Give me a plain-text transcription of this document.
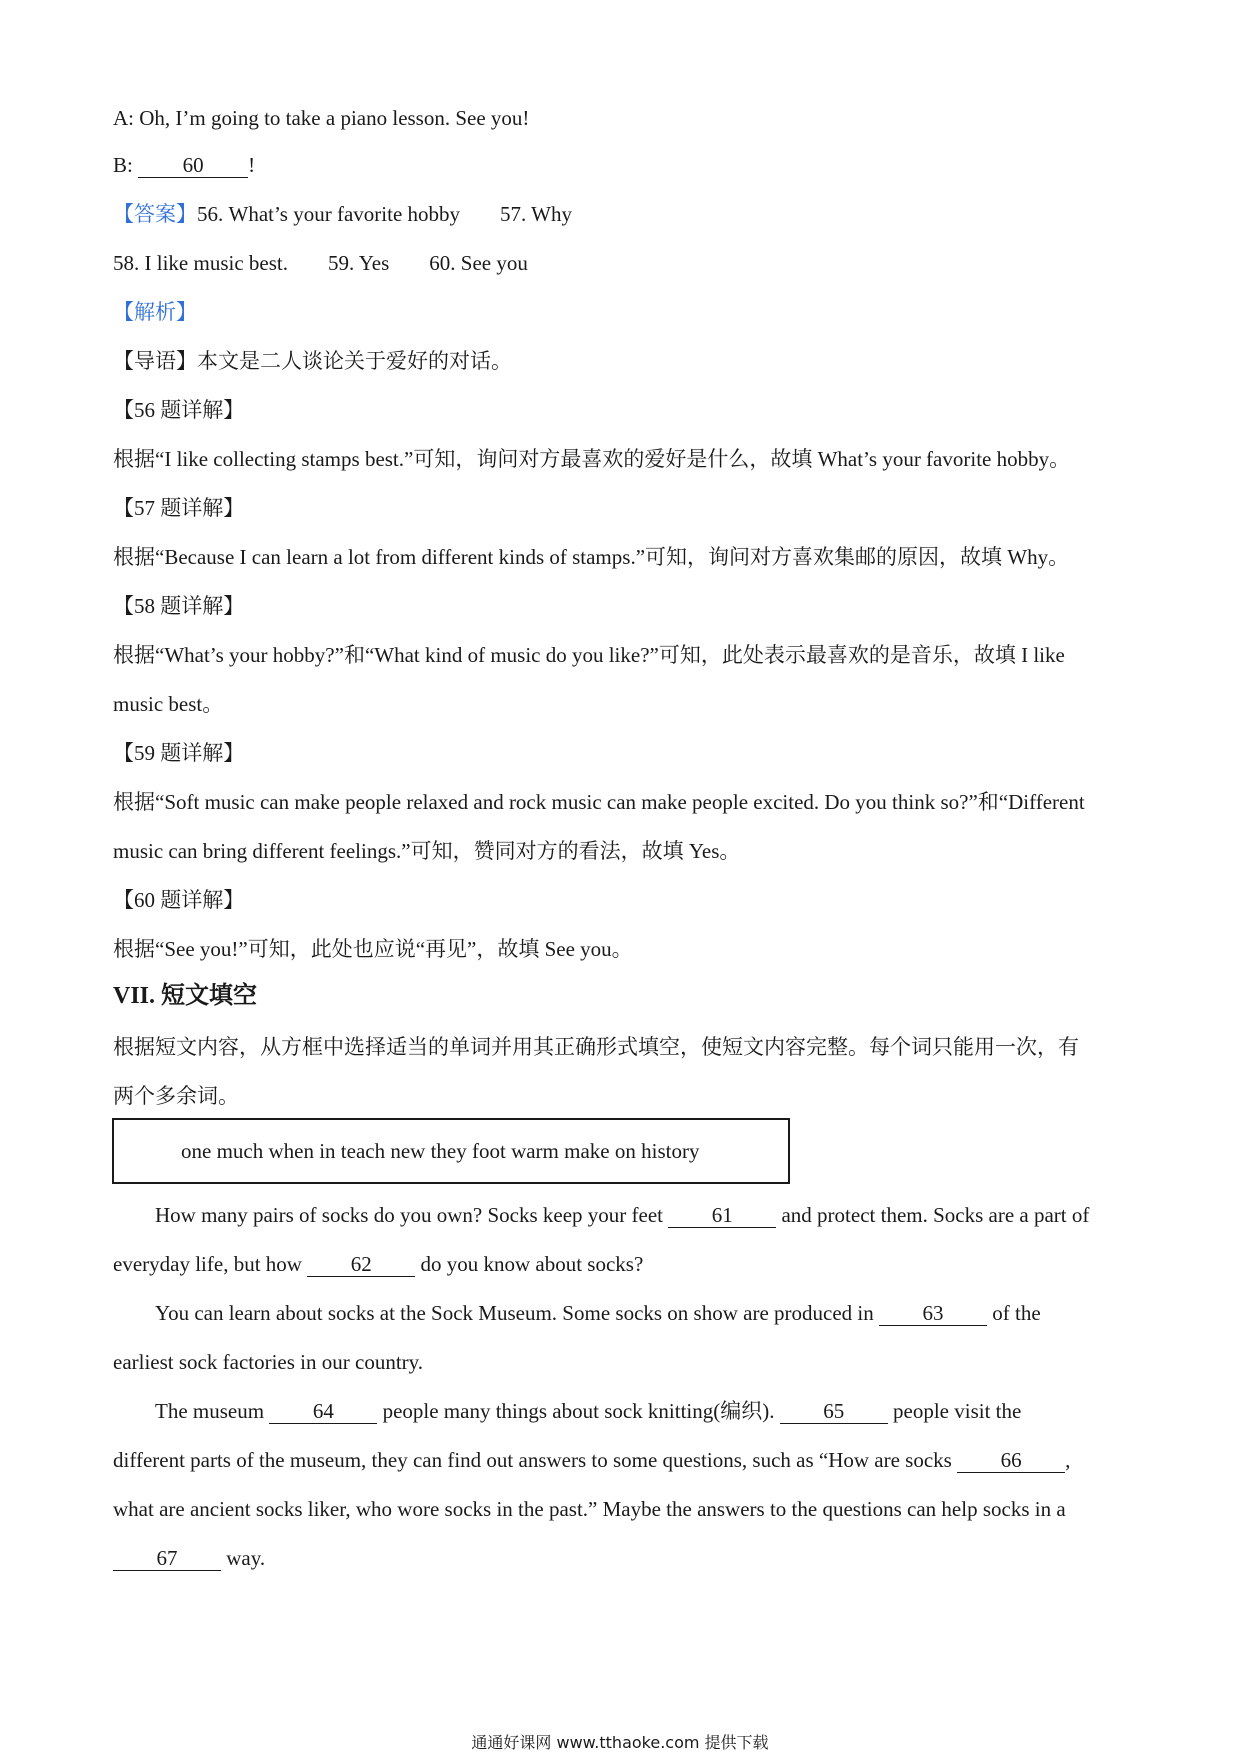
A: Oh, I’m going to take a piano lesson. See you!
B: 60 !
【答案】56. What’s your favorite hobby 57. Why
58. I like music best. 59. Yes 60. See you
【解析】
【导语】本文是二人谈论关于爱好的对话。
【56 题详解】
根据“I like collecting stamps best.”可知，询问对方最喜欢的爱好是什么，故填 What’s your favorite hobby。
【57 题详解】
根据“Because I can learn a lot from different kinds of stamps.”可知，询问对方喜欢集邮的原因，故填 Why。
【58 题详解】
根据“What’s your hobby?”和“What kind of music do you like?”可知，此处表示最喜欢的是音乐，故填 I like
music best。
【59 题详解】
根据“Soft music can make people relaxed and rock music can make people excited. Do you think so?”和“Different
music can bring different feelings.”可知，赞同对方的看法，故填 Yes。
【60 题详解】
根据“See you!”可知，此处也应说“再见”，故填 See you。
VII. 短文填空
根据短文内容，从方框中选择适当的单词并用其正确形式填空，使短文内容完整。每个词只能用一次，有
两个多余词。
one much when in teach new they foot warm make on history
How many pairs of socks do you own? Socks keep your feet 61 and protect them. Socks are a part of
everyday life, but how 62 do you know about socks?
You can learn about socks at the Sock Museum. Some socks on show are produced in 63 of the
earliest sock factories in our country.
The museum 64 people many things about sock knitting(编织). 65 people visit the
different parts of the museum, they can find out answers to some questions, such as “How are socks 66 ,
what are ancient socks liker, who wore socks in the past.” Maybe the answers to the questions can help socks in a
67 way.
通通好课网 www.tthaoke.com 提供下载
